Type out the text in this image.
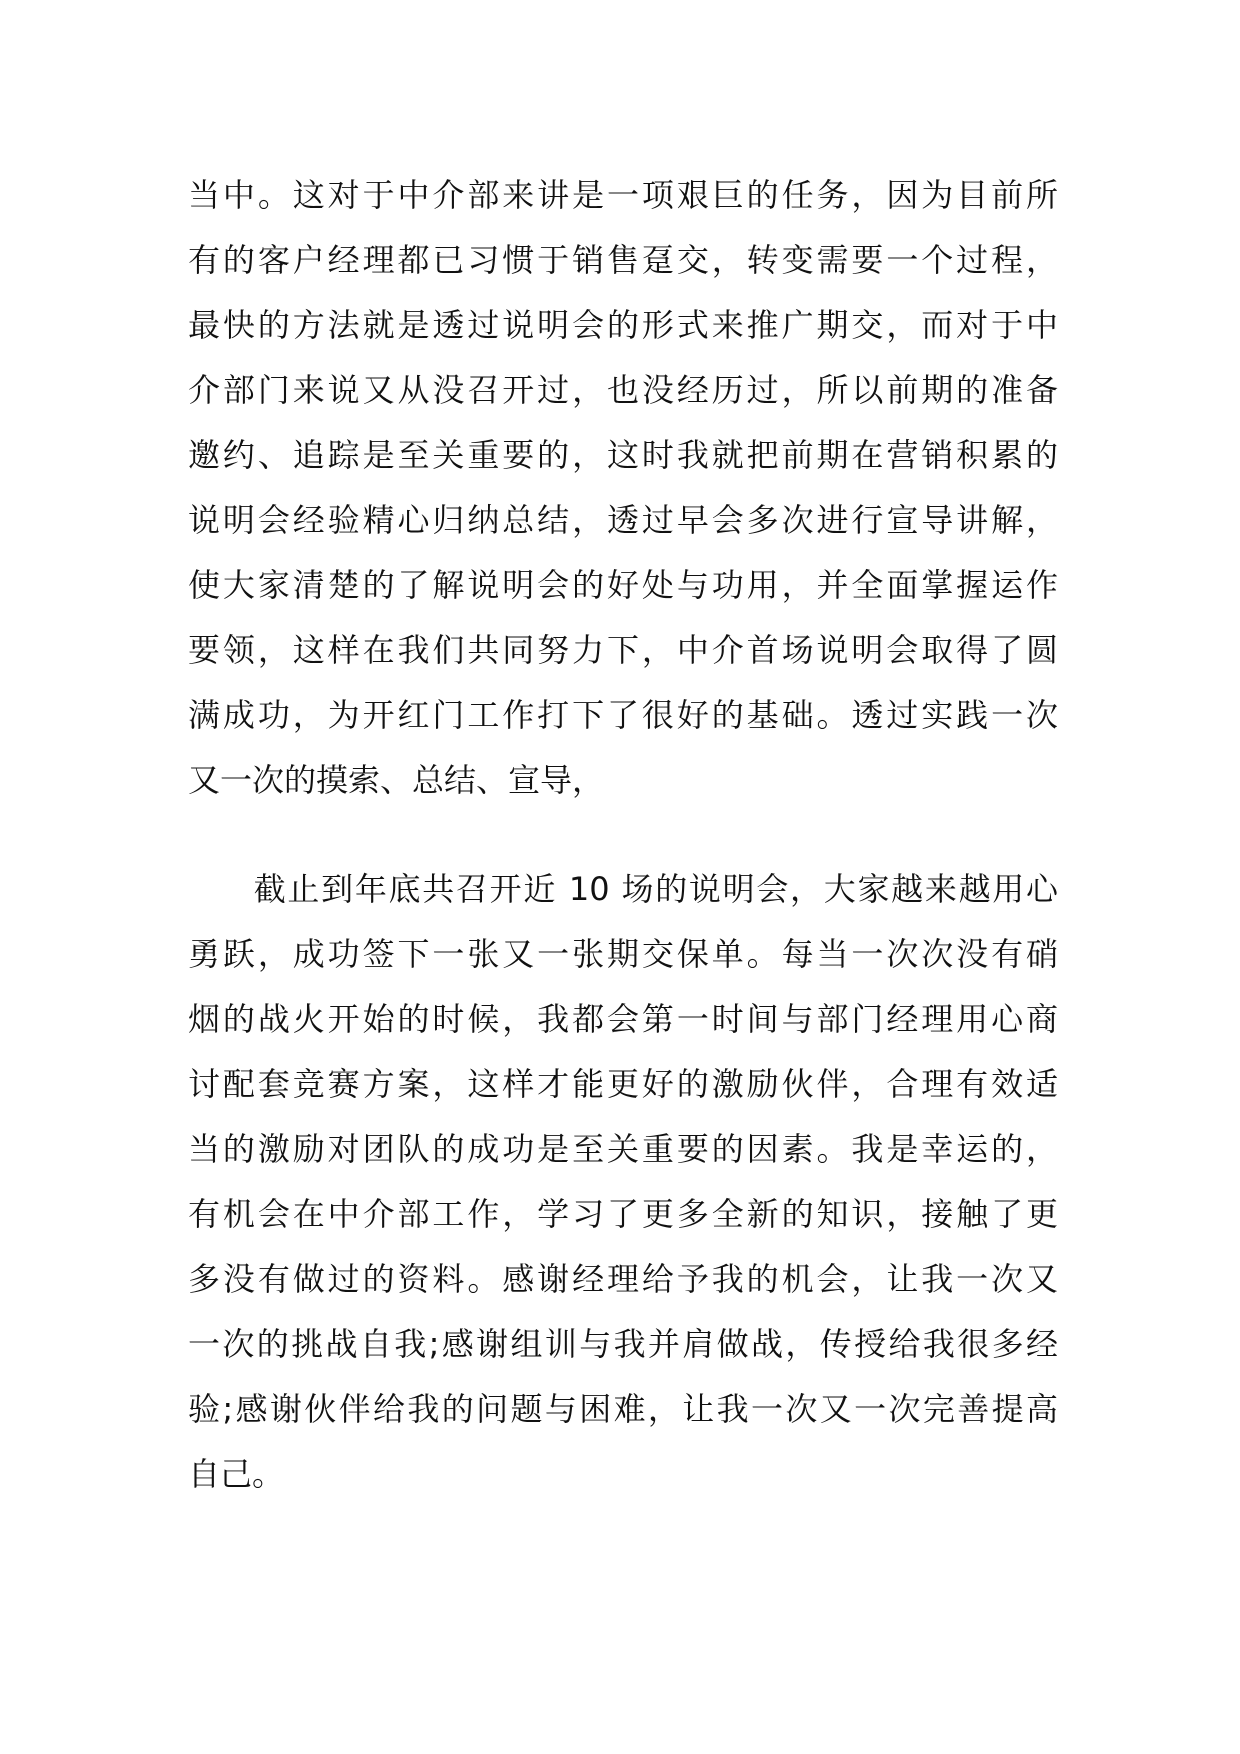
当中。这对于中介部来讲是一项艰巨的任务，因为目前所
有的客户经理都已习惯于销售趸交，转变需要一个过程，
最快的方法就是透过说明会的形式来推广期交，而对于中
介部门来说又从没召开过，也没经历过，所以前期的准备
邀约、追踪是至关重要的，这时我就把前期在营销积累的
说明会经验精心归纳总结，透过早会多次进行宣导讲解，
使大家清楚的了解说明会的好处与功用，并全面掌握运作
要领，这样在我们共同努力下，中介首场说明会取得了圆
满成功，为开红门工作打下了很好的基础。透过实践一次
又一次的摸索、总结、宣导，
截止到年底共召开近 10 场的说明会，大家越来越用心
勇跃，成功签下一张又一张期交保单。每当一次次没有硝
烟的战火开始的时候，我都会第一时间与部门经理用心商
讨配套竞赛方案，这样才能更好的激励伙伴，合理有效适
当的激励对团队的成功是至关重要的因素。我是幸运的，
有机会在中介部工作，学习了更多全新的知识，接触了更
多没有做过的资料。感谢经理给予我的机会，让我一次又
一次的挑战自我;感谢组训与我并肩做战，传授给我很多经
验;感谢伙伴给我的问题与困难，让我一次又一次完善提高
自己。
